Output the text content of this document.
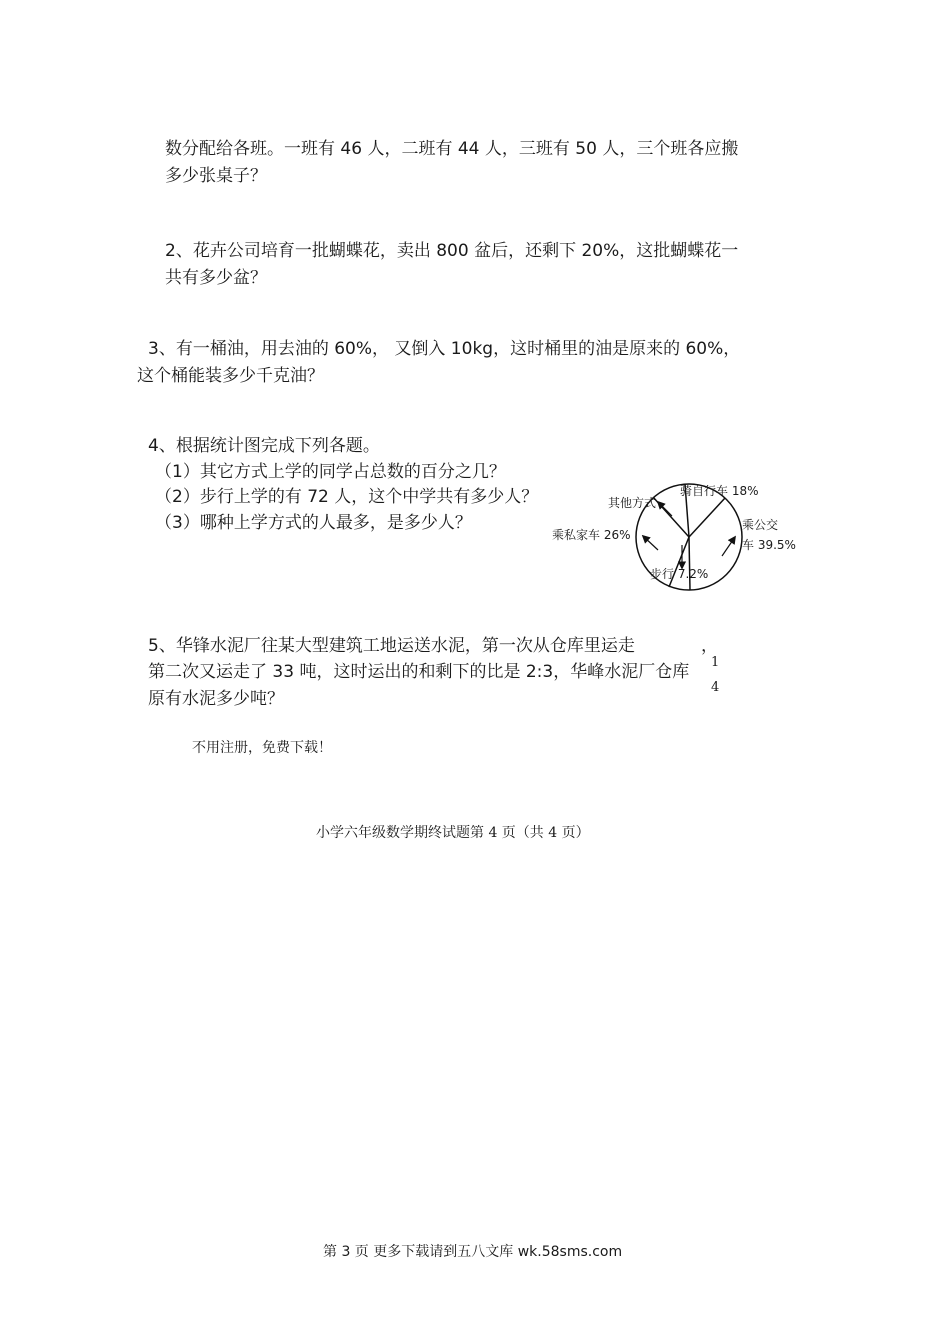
数分配给各班。一班有 46 人，二班有 44 人，三班有 50 人，三个班各应搬
多少张桌子？
2、花卉公司培育一批蝴蝶花，卖出 800 盆后，还剩下 20%，这批蝴蝶花一
共有多少盆？
3、有一桶油，用去油的 60%， 又倒入 10kg，这时桶里的油是原来的 60%，
这个桶能装多少千克油？
4、根据统计图完成下列各题。
（1）其它方式上学的同学占总数的百分之几？
（2）步行上学的有 72 人，这个中学共有多少人？
（3）哪种上学方式的人最多，是多少人？
骑自行车 18%
其他方式
乘公交
车 39.5%
乘私家车 26%
步行 7.2%
5、华锋水泥厂往某大型建筑工地运送水泥，第一次从仓库里运走	，
1
4
第二次又运走了 33 吨，这时运出的和剩下的比是 2:3，华峰水泥厂仓库
原有水泥多少吨？
不用注册，免费下载！
小学六年级数学期终试题第 4 页（共 4 页）
第 3 页 更多下载请到五八文库 wk.58sms.com
